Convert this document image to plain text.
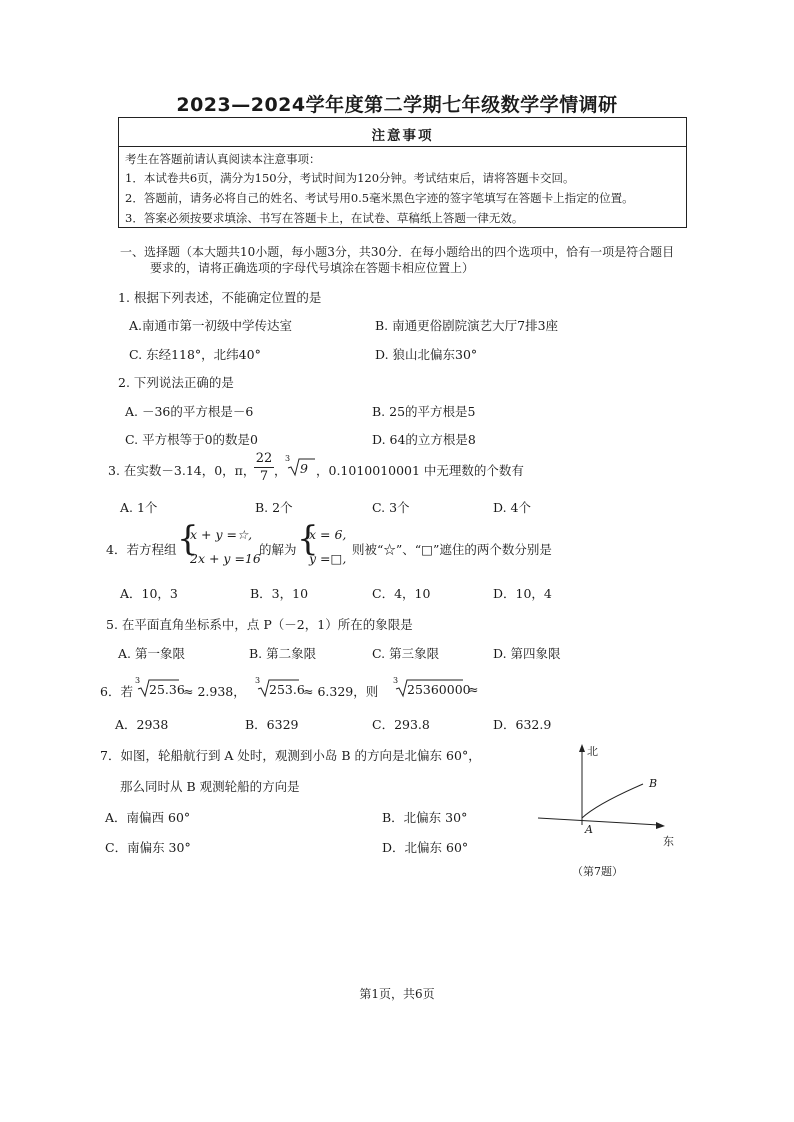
2023—2024学年度第二学期七年级数学学情调研
注意事项
考生在答题前请认真阅读本注意事项：
1．本试卷共6页，满分为150分，考试时间为120分钟。考试结束后，请将答题卡交回。
2．答题前，请务必将自己的姓名、考试号用0.5毫米黑色字迹的签字笔填写在答题卡上指定的位置。
3．答案必须按要求填涂、书写在答题卡上，在试卷、草稿纸上答题一律无效。
一、选择题（本大题共10小题，每小题3分，共30分．在每小题给出的四个选项中，恰有一项是符合题目
要求的，请将正确选项的字母代号填涂在答题卡相应位置上）
1. 根据下列表述，不能确定位置的是
A.南通市第一初级中学传达室	B. 南通更俗剧院演艺大厅7排3座
C. 东经118°，北纬40°	D. 狼山北偏东30°
2. 下列说法正确的是
A. －36的平方根是－6	B. 25的平方根是5
C. 平方根等于0的数是0	D. 64的立方根是8
3. 在实数－3.14，0，π，
22
7 ，
3
9 ，0.1010010001 中无理数的个数有
A. 1个	B. 2个	C. 3个	D. 4个
4．若方程组 {
x + y =☆,
2x + y =16
的解为 {
x = 6,
y =□,
则被“☆”、“□”遮住的两个数分别是
A．10，3	B．3，10	C．4，10	D．10，4
5. 在平面直角坐标系中，点 P（－2，1）所在的象限是
A. 第一象限	B. 第二象限	C. 第三象限	D. 第四象限
6．若
3
25.36
≈ 2.938，
3
253.6
≈ 6.329，则
3
25360000
≈
A．2938	B．6329	C．293.8	D．632.9
7．如图，轮船航行到 A 处时，观测到小岛 B 的方向是北偏东 60°，
那么同时从 B 观测轮船的方向是
A．南偏西 60°	B．北偏东 30°
C．南偏东 30°	D．北偏东 60°
北
东
A
B
（第7题）
第1页，共6页
